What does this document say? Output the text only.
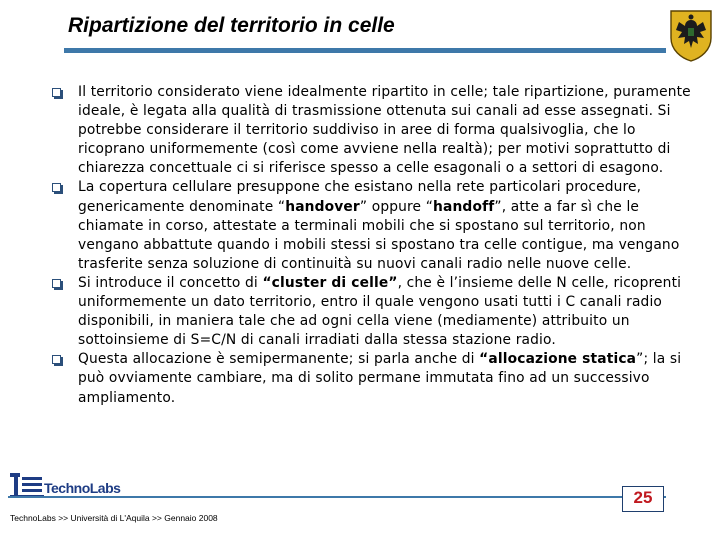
Ripartizione del territorio in celle
Il territorio considerato viene idealmente ripartito in celle; tale ripartizione, puramente ideale, è legata alla qualità di trasmissione ottenuta sui canali ad esse assegnati. Si potrebbe considerare il territorio suddiviso in aree di forma qualsivoglia, che lo ricoprano uniformemente (così come avviene nella realtà); per motivi soprattutto di chiarezza concettuale ci si riferisce spesso a celle esagonali o a settori di esagono.
La copertura cellulare presuppone che esistano nella rete particolari procedure, genericamente denominate “handover” oppure “handoff”, atte a far sì che le chiamate in corso, attestate a terminali mobili che si spostano sul territorio, non vengano abbattute quando i mobili stessi si spostano tra celle contigue, ma vengano trasferite senza soluzione di continuità su nuovi canali radio nelle nuove celle.
Si introduce il concetto di “cluster di celle”, che è l’insieme delle N celle, ricoprenti uniformemente un dato territorio, entro il quale vengono usati tutti i C canali radio disponibili, in maniera tale che ad ogni cella viene (mediamente) attribuito un sottoinsieme di S=C/N di canali irradiati dalla stessa stazione radio.
Questa allocazione è semipermanente; si parla anche di “allocazione statica”; la si può ovviamente cambiare, ma di solito permane immutata fino ad un successivo ampliamento.
TechnoLabs	25
TechnoLabs >> Università di L'Aquila >> Gennaio 2008
